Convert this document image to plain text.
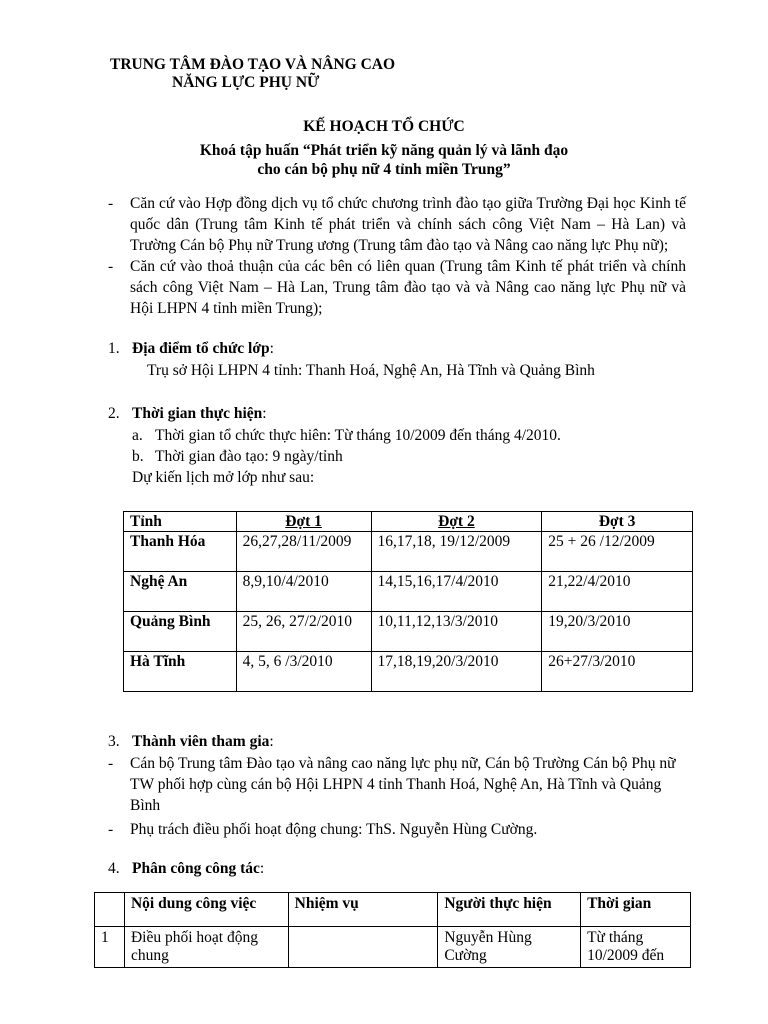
TRUNG TÂM ĐÀO TẠO VÀ NÂNG CAO
NĂNG LỰC PHỤ NỮ
KẾ HOẠCH TỔ CHỨC
Khoá tập huấn “Phát triển kỹ năng quản lý và lãnh đạo
cho cán bộ phụ nữ 4 tỉnh miền Trung”
-	Căn cứ vào Hợp đồng dịch vụ tổ chức chương trình đào tạo giữa Trường Đại học Kinh tế quốc dân (Trung tâm Kinh tế phát triển và chính sách công Việt Nam – Hà Lan) và Trường Cán bộ Phụ nữ Trung ương (Trung tâm đào tạo và Nâng cao năng lực Phụ nữ);
-	Căn cứ vào thoả thuận của các bên có liên quan (Trung tâm Kinh tế phát triển và chính sách công Việt Nam – Hà Lan, Trung tâm đào tạo và và Nâng cao năng lực Phụ nữ và Hội LHPN 4 tỉnh miền Trung);
1. Địa điểm tổ chức lớp:
Trụ sở Hội LHPN 4 tỉnh: Thanh Hoá, Nghệ An, Hà Tĩnh và Quảng Bình
2. Thời gian thực hiện:
a. Thời gian tổ chức thực hiên: Từ tháng 10/2009 đến tháng 4/2010.
b. Thời gian đào tạo: 9 ngày/tỉnh
Dự kiến lịch mở lớp như sau:
Tỉnh	Đợt 1	Đợt 2	Đợt 3
Thanh Hóa	26,27,28/11/2009	16,17,18, 19/12/2009	25 + 26 /12/2009
Nghệ An	8,9,10/4/2010	14,15,16,17/4/2010	21,22/4/2010
Quảng Bình	25, 26, 27/2/2010	10,11,12,13/3/2010	19,20/3/2010
Hà Tĩnh	4, 5, 6 /3/2010	17,18,19,20/3/2010	26+27/3/2010
3. Thành viên tham gia:
-	Cán bộ Trung tâm Đào tạo và nâng cao năng lực phụ nữ, Cán bộ Trường Cán bộ Phụ nữ TW phối hợp cùng cán bộ Hội LHPN 4 tỉnh Thanh Hoá, Nghệ An, Hà Tĩnh và Quảng Bình
-	Phụ trách điều phối hoạt động chung: ThS. Nguyễn Hùng Cường.
4. Phân công công tác:
	Nội dung công việc	Nhiệm vụ	Người thực hiện	Thời gian
1	Điều phối hoạt động chung		Nguyễn Hùng Cường	Từ tháng 10/2009 đến
